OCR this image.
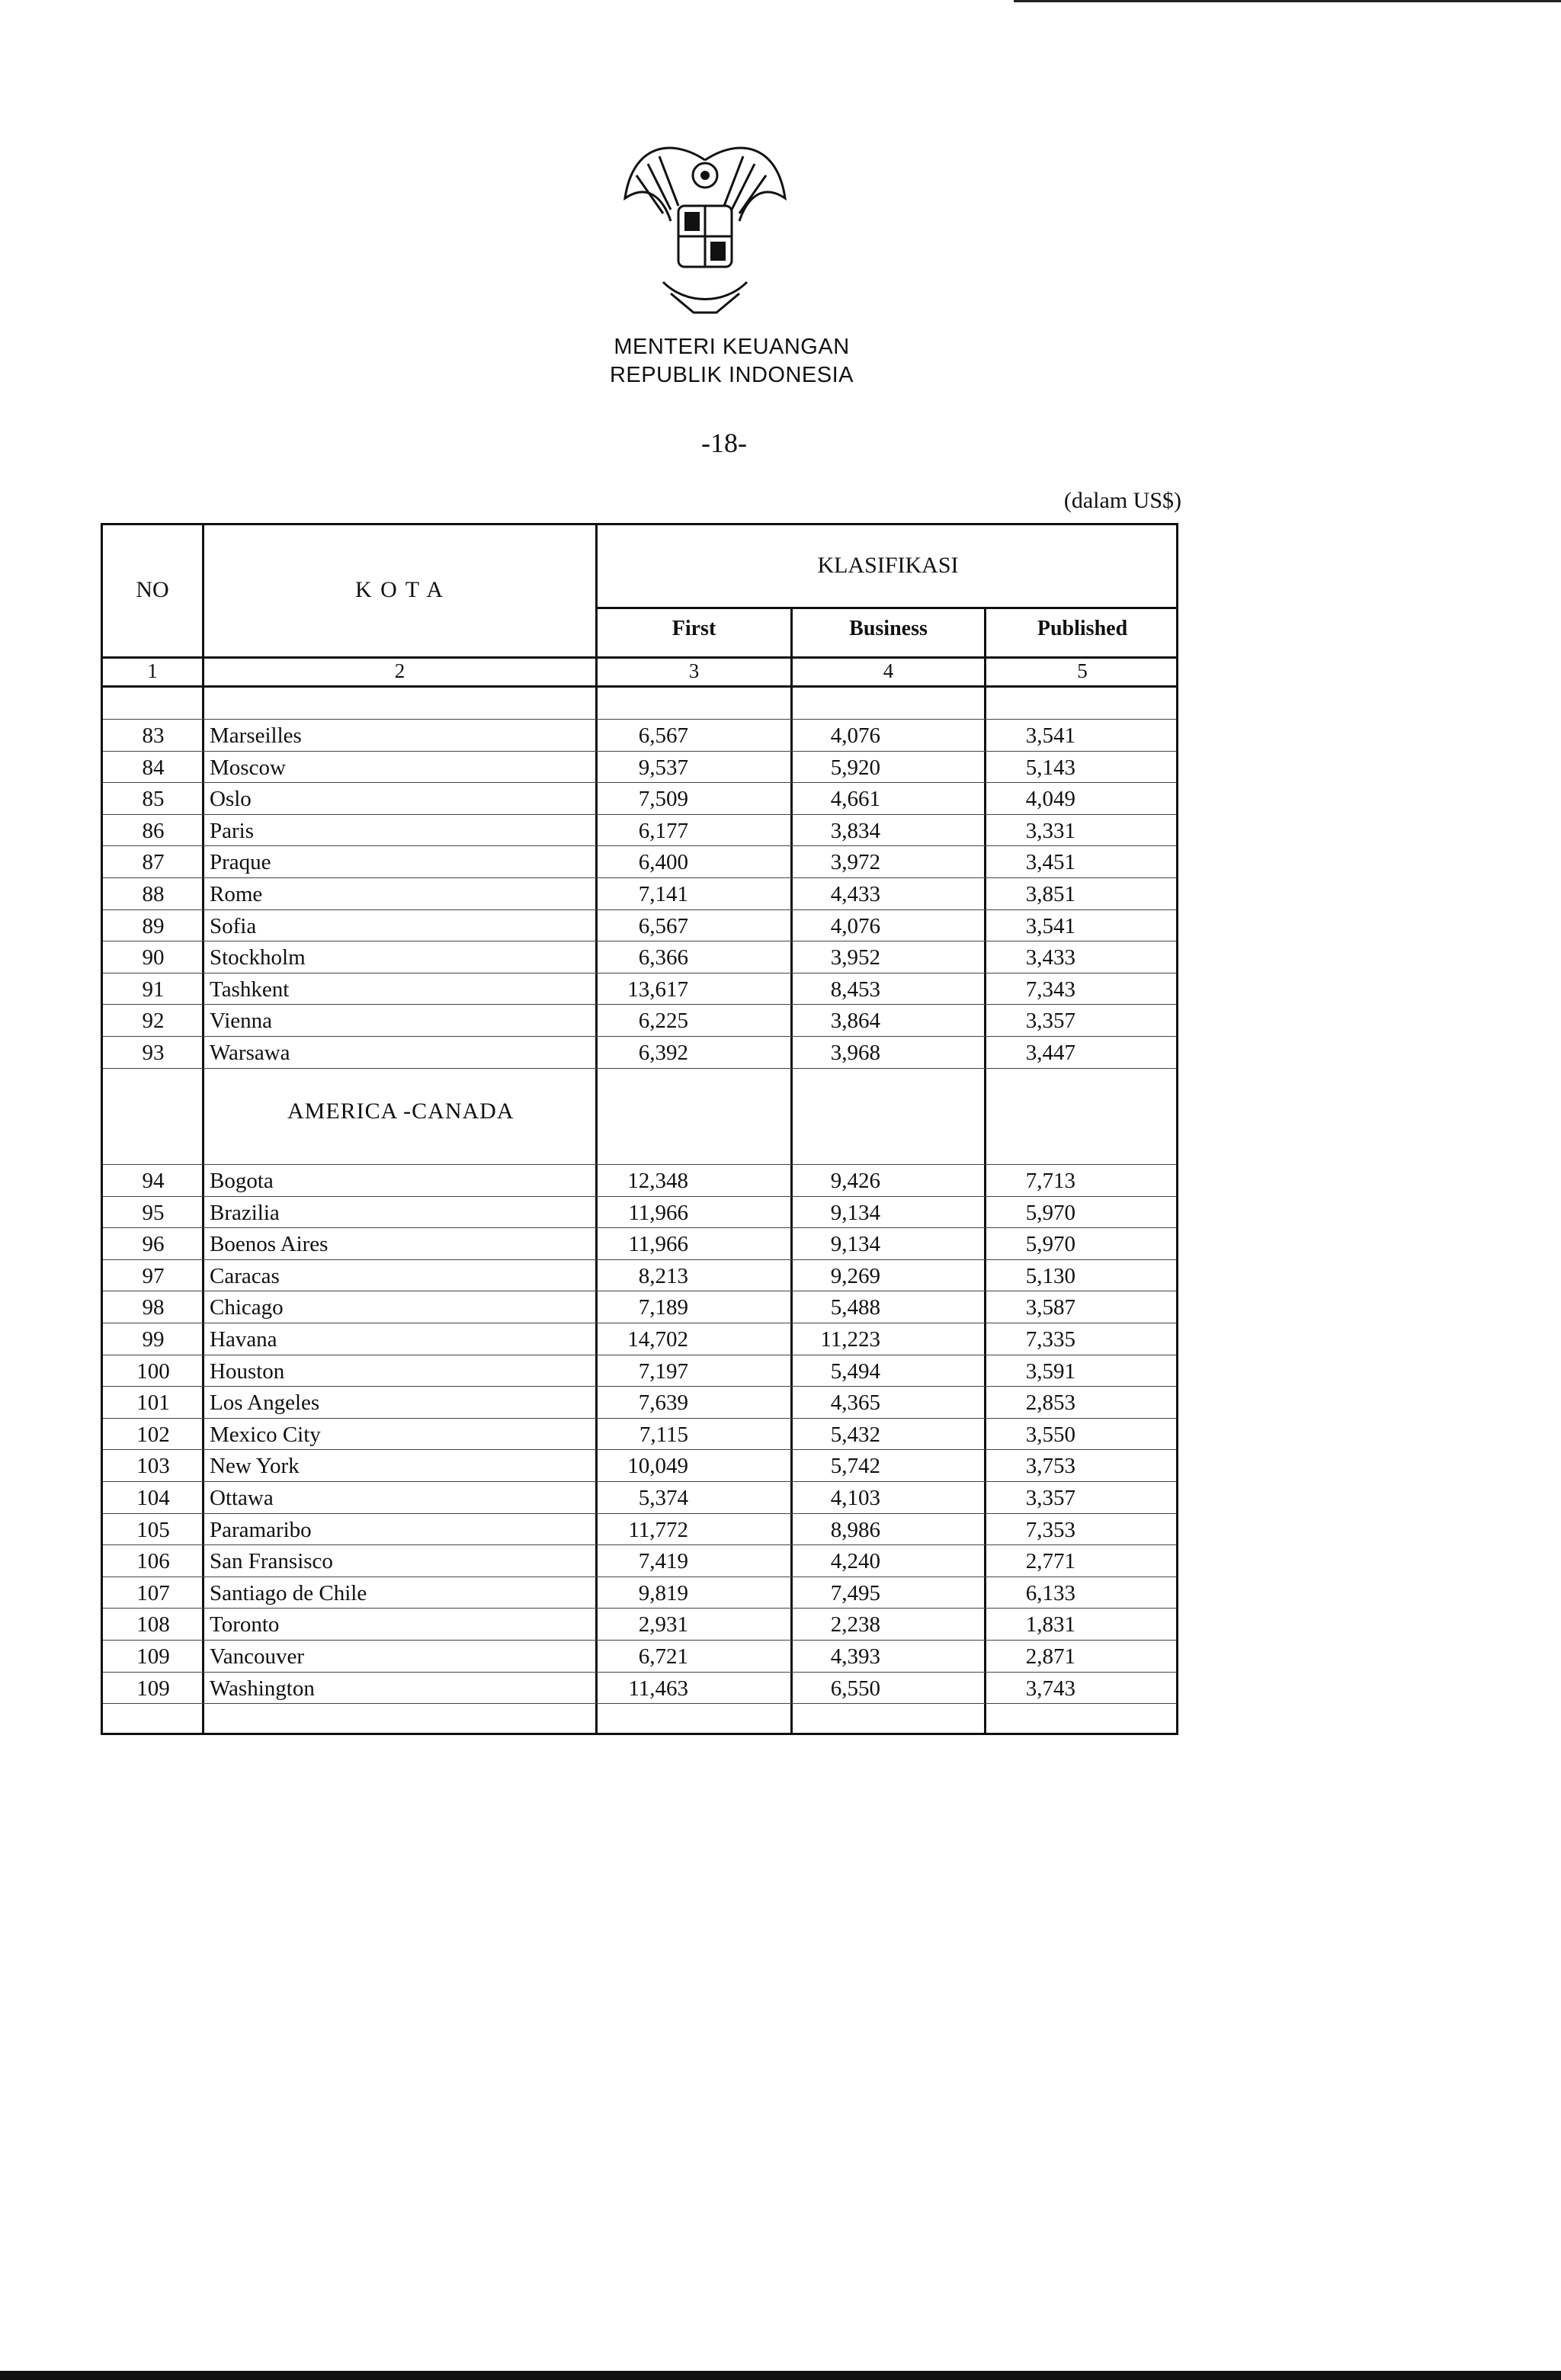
MENTERI KEUANGAN
REPUBLIK INDONESIA
-18-
(dalam US$)
NO	K O T A
KLASIFIKASI
First	Business	Published
1	2	3	4	5
83	Marseilles	6,567	4,076	3,541
84	Moscow	9,537	5,920	5,143
85	Oslo	7,509	4,661	4,049
86	Paris	6,177	3,834	3,331
87	Praque	6,400	3,972	3,451
88	Rome	7,141	4,433	3,851
89	Sofia	6,567	4,076	3,541
90	Stockholm	6,366	3,952	3,433
91	Tashkent	13,617	8,453	7,343
92	Vienna	6,225	3,864	3,357
93	Warsawa	6,392	3,968	3,447
AMERICA -CANADA
94	Bogota	12,348	9,426	7,713
95	Brazilia	11,966	9,134	5,970
96	Boenos Aires	11,966	9,134	5,970
97	Caracas	8,213	9,269	5,130
98	Chicago	7,189	5,488	3,587
99	Havana	14,702	11,223	7,335
100	Houston	7,197	5,494	3,591
101	Los Angeles	7,639	4,365	2,853
102	Mexico City	7,115	5,432	3,550
103	New York	10,049	5,742	3,753
104	Ottawa	5,374	4,103	3,357
105	Paramaribo	11,772	8,986	7,353
106	San Fransisco	7,419	4,240	2,771
107	Santiago de Chile	9,819	7,495	6,133
108	Toronto	2,931	2,238	1,831
109	Vancouver	6,721	4,393	2,871
109	Washington	11,463	6,550	3,743
